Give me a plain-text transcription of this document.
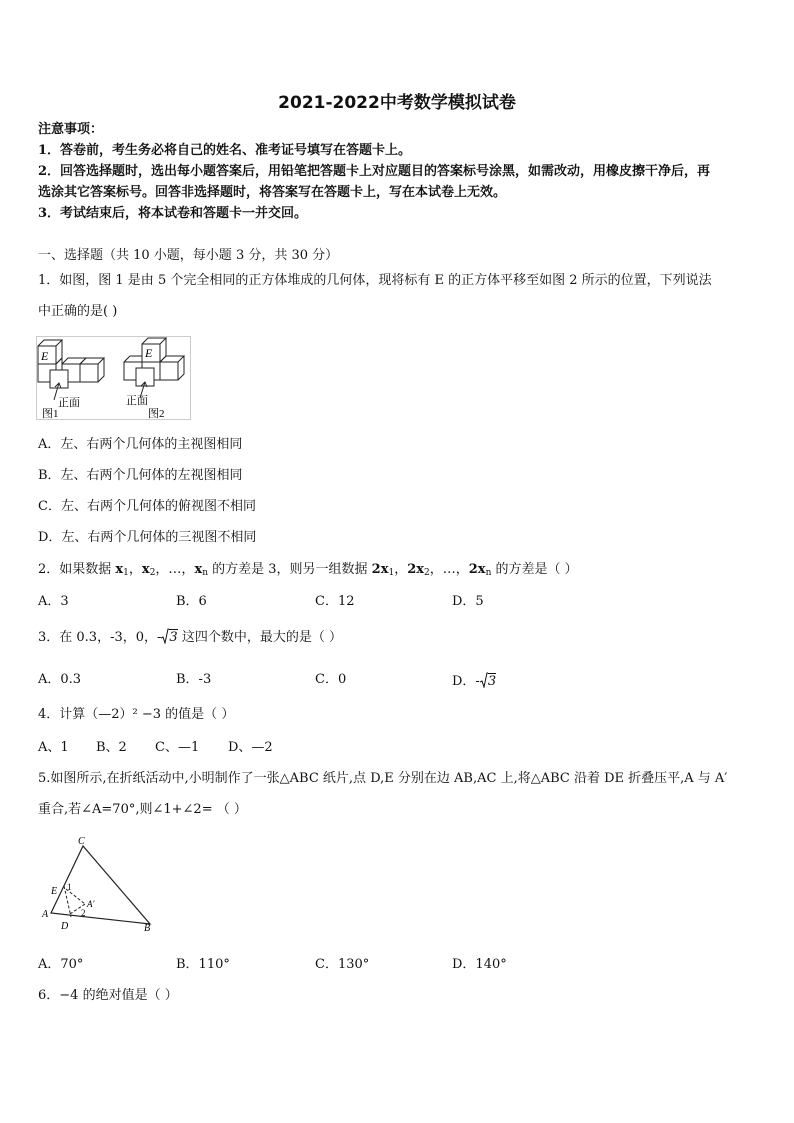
2021-2022中考数学模拟试卷
注意事项：
1．答卷前，考生务必将自己的姓名、准考证号填写在答题卡上。
2．回答选择题时，选出每小题答案后，用铅笔把答题卡上对应题目的答案标号涂黑，如需改动，用橡皮擦干净后，再
选涂其它答案标号。回答非选择题时，将答案写在答题卡上，写在本试卷上无效。
3．考试结束后，将本试卷和答题卡一并交回。
一、选择题（共 10 小题，每小题 3 分，共 30 分）
1．如图，图 1 是由 5 个完全相同的正方体堆成的几何体，现将标有 E 的正方体平移至如图 2 所示的位置，下列说法
中正确的是( )
E
正面
图1
E
正面
图2
A．左、右两个几何体的主视图相同
B．左、右两个几何体的左视图相同
C．左、右两个几何体的俯视图不相同
D．左、右两个几何体的三视图不相同
2．如果数据 $x_1$，$x_2$，…，$x_n$ 的方差是 3，则另一组数据 $2x_1$，$2x_2$，…，$2x_n$ 的方差是（ ）
A．3	B．6	C．12	D．5
3．在 0.3，-3，0，- 3 这四个数中，最大的是（ ）
A．0.3	B．-3	C．0	D．- 3
4．计算（—2）² −3 的值是（ ）
A、1 B、2 C、—1 D、—2
5.如图所示,在折纸活动中,小明制作了一张△ABC 纸片,点 D,E 分别在边 AB,AC 上,将△ABC 沿着 DE 折叠压平,A 与 A′
重合,若∠A=70°,则∠1+∠2= （ ）
C
E 1
A′
2
A
D	B
A．70°	B．110°	C．130°	D．140°
6．−4 的绝对值是（ ）
